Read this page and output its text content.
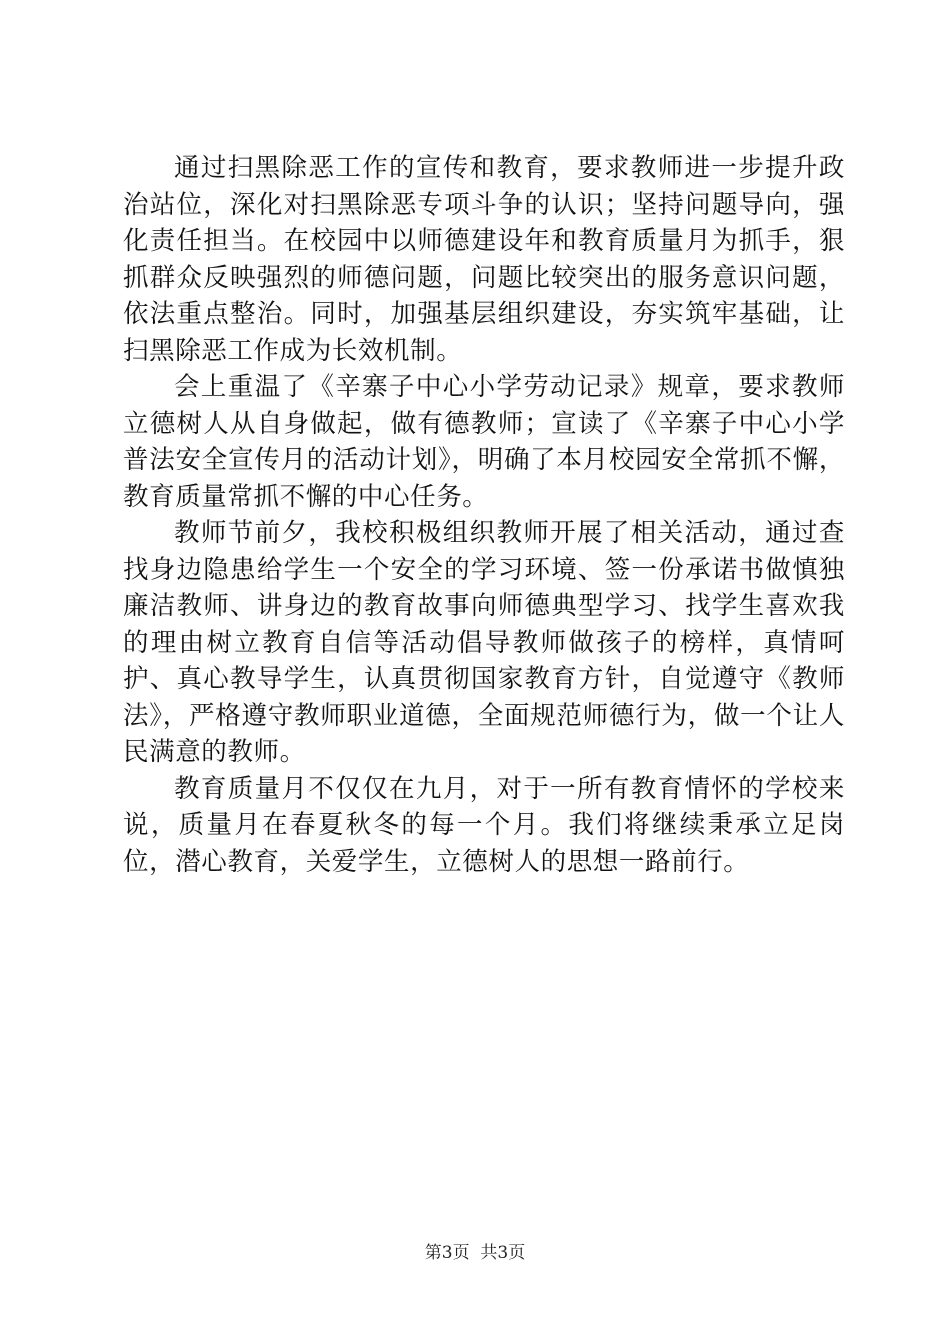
通过扫黑除恶工作的宣传和教育，要求教师进一步提升政治站位，深化对扫黑除恶专项斗争的认识；坚持问题导向，强化责任担当。在校园中以师德建设年和教育质量月为抓手，狠抓群众反映强烈的师德问题，问题比较突出的服务意识问题，依法重点整治。同时，加强基层组织建设，夯实筑牢基础，让扫黑除恶工作成为长效机制。

会上重温了《辛寨子中心小学劳动记录》规章，要求教师立德树人从自身做起，做有德教师；宣读了《辛寨子中心小学普法安全宣传月的活动计划》，明确了本月校园安全常抓不懈，教育质量常抓不懈的中心任务。

教师节前夕，我校积极组织教师开展了相关活动，通过查找身边隐患给学生一个安全的学习环境、签一份承诺书做慎独廉洁教师、讲身边的教育故事向师德典型学习、找学生喜欢我的理由树立教育自信等活动倡导教师做孩子的榜样，真情呵护、真心教导学生，认真贯彻国家教育方针，自觉遵守《教师法》，严格遵守教师职业道德，全面规范师德行为，做一个让人民满意的教师。

教育质量月不仅仅在九月，对于一所有教育情怀的学校来说，质量月在春夏秋冬的每一个月。我们将继续秉承立足岗位，潜心教育，关爱学生，立德树人的思想一路前行。

第3页  共3页
